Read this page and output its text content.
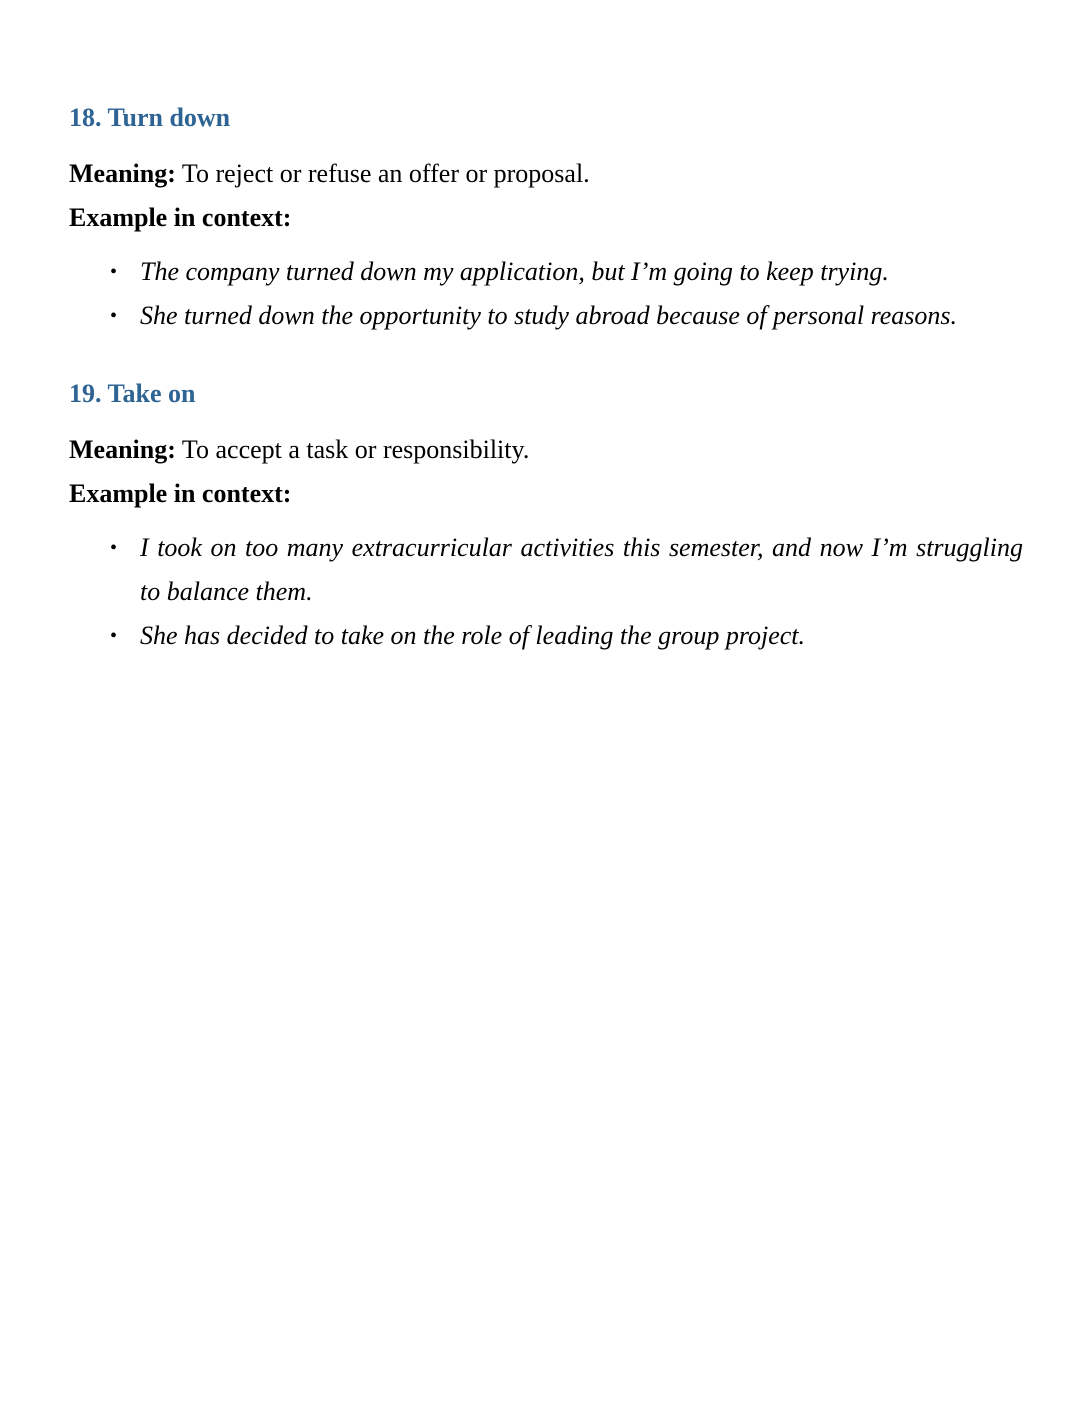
18. Turn down

Meaning: To reject or refuse an offer or proposal.

Example in context:

• The company turned down my application, but I’m going to keep trying.
• She turned down the opportunity to study abroad because of personal reasons.
19. Take on

Meaning: To accept a task or responsibility.

Example in context:

• I took on too many extracurricular activities this semester, and now I’m struggling to balance them.
• She has decided to take on the role of leading the group project.
